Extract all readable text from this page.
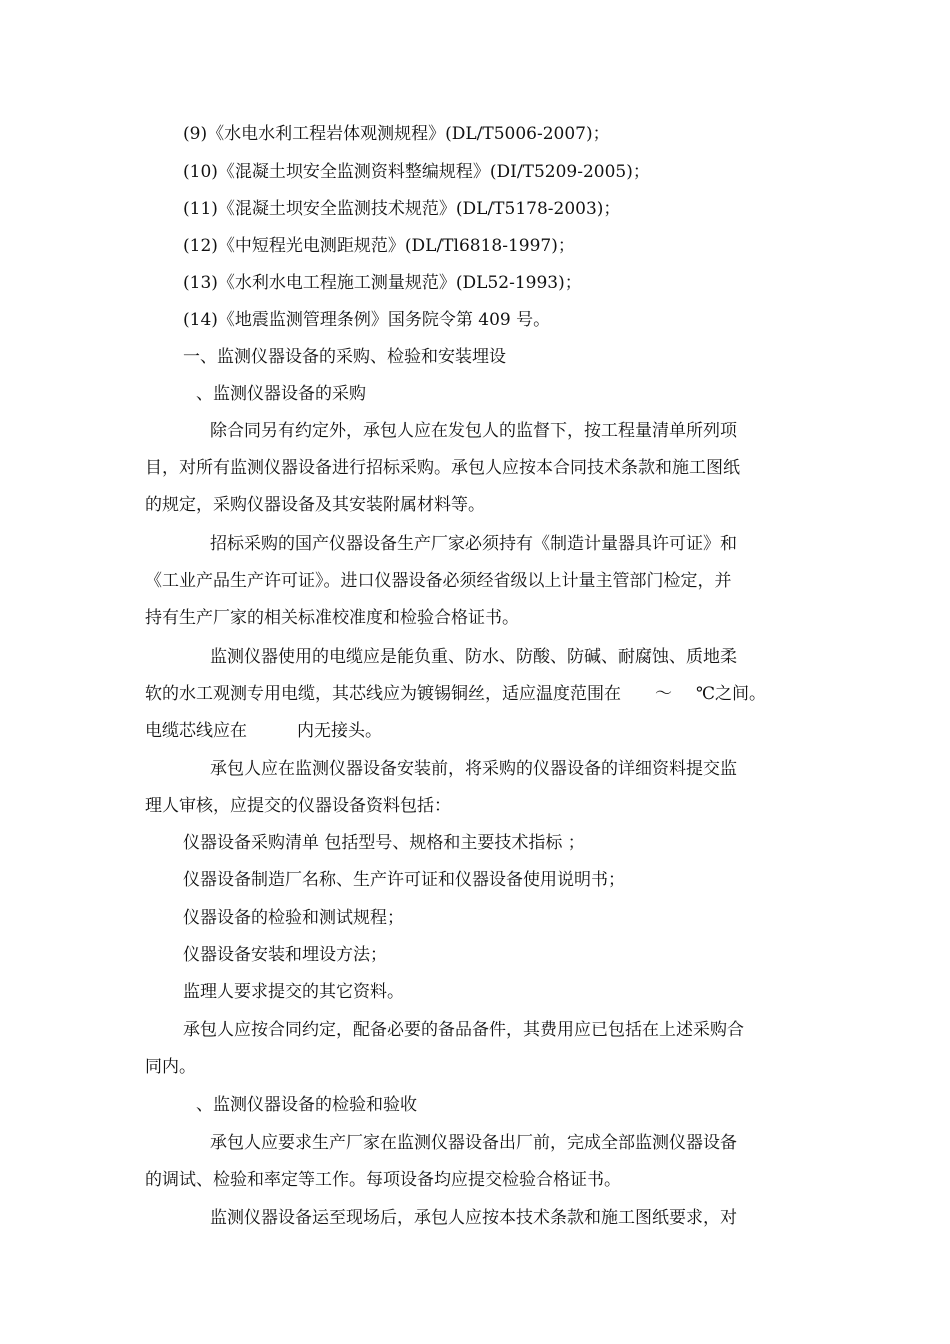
(9)《水电水利工程岩体观测规程》(DL/T5006-2007)；
(10)《混凝土坝安全监测资料整编规程》(DI/T5209-2005)；
(11)《混凝土坝安全监测技术规范》(DL/T5178-2003)；
(12)《中短程光电测距规范》(DL/Tl6818-1997)；
(13)《水利水电工程施工测量规范》(DL52-1993)；
(14)《地震监测管理条例》国务院令第 409 号。
一、监测仪器设备的采购、检验和安装埋设
、监测仪器设备的采购
除合同另有约定外，承包人应在发包人的监督下，按工程量清单所列项
目，对所有监测仪器设备进行招标采购。承包人应按本合同技术条款和施工图纸
的规定，采购仪器设备及其安装附属材料等。
招标采购的国产仪器设备生产厂家必须持有《制造计量器具许可证》和
《工业产品生产许可证》。进口仪器设备必须经省级以上计量主管部门检定，并
持有生产厂家的相关标准校准度和检验合格证书。
监测仪器使用的电缆应是能负重、防水、防酸、防碱、耐腐蚀、质地柔
软的水工观测专用电缆，其芯线应为镀锡铜丝，适应温度范围在 ～ ℃之间。
电缆芯线应在	内无接头。
承包人应在监测仪器设备安装前，将采购的仪器设备的详细资料提交监
理人审核，应提交的仪器设备资料包括：
仪器设备采购清单 包括型号、规格和主要技术指标 ；
仪器设备制造厂名称、生产许可证和仪器设备使用说明书；
仪器设备的检验和测试规程；
仪器设备安装和埋设方法；
监理人要求提交的其它资料。
承包人应按合同约定，配备必要的备品备件，其费用应已包括在上述采购合
同内。
、监测仪器设备的检验和验收
承包人应要求生产厂家在监测仪器设备出厂前，完成全部监测仪器设备
的调试、检验和率定等工作。每项设备均应提交检验合格证书。
监测仪器设备运至现场后，承包人应按本技术条款和施工图纸要求，对
